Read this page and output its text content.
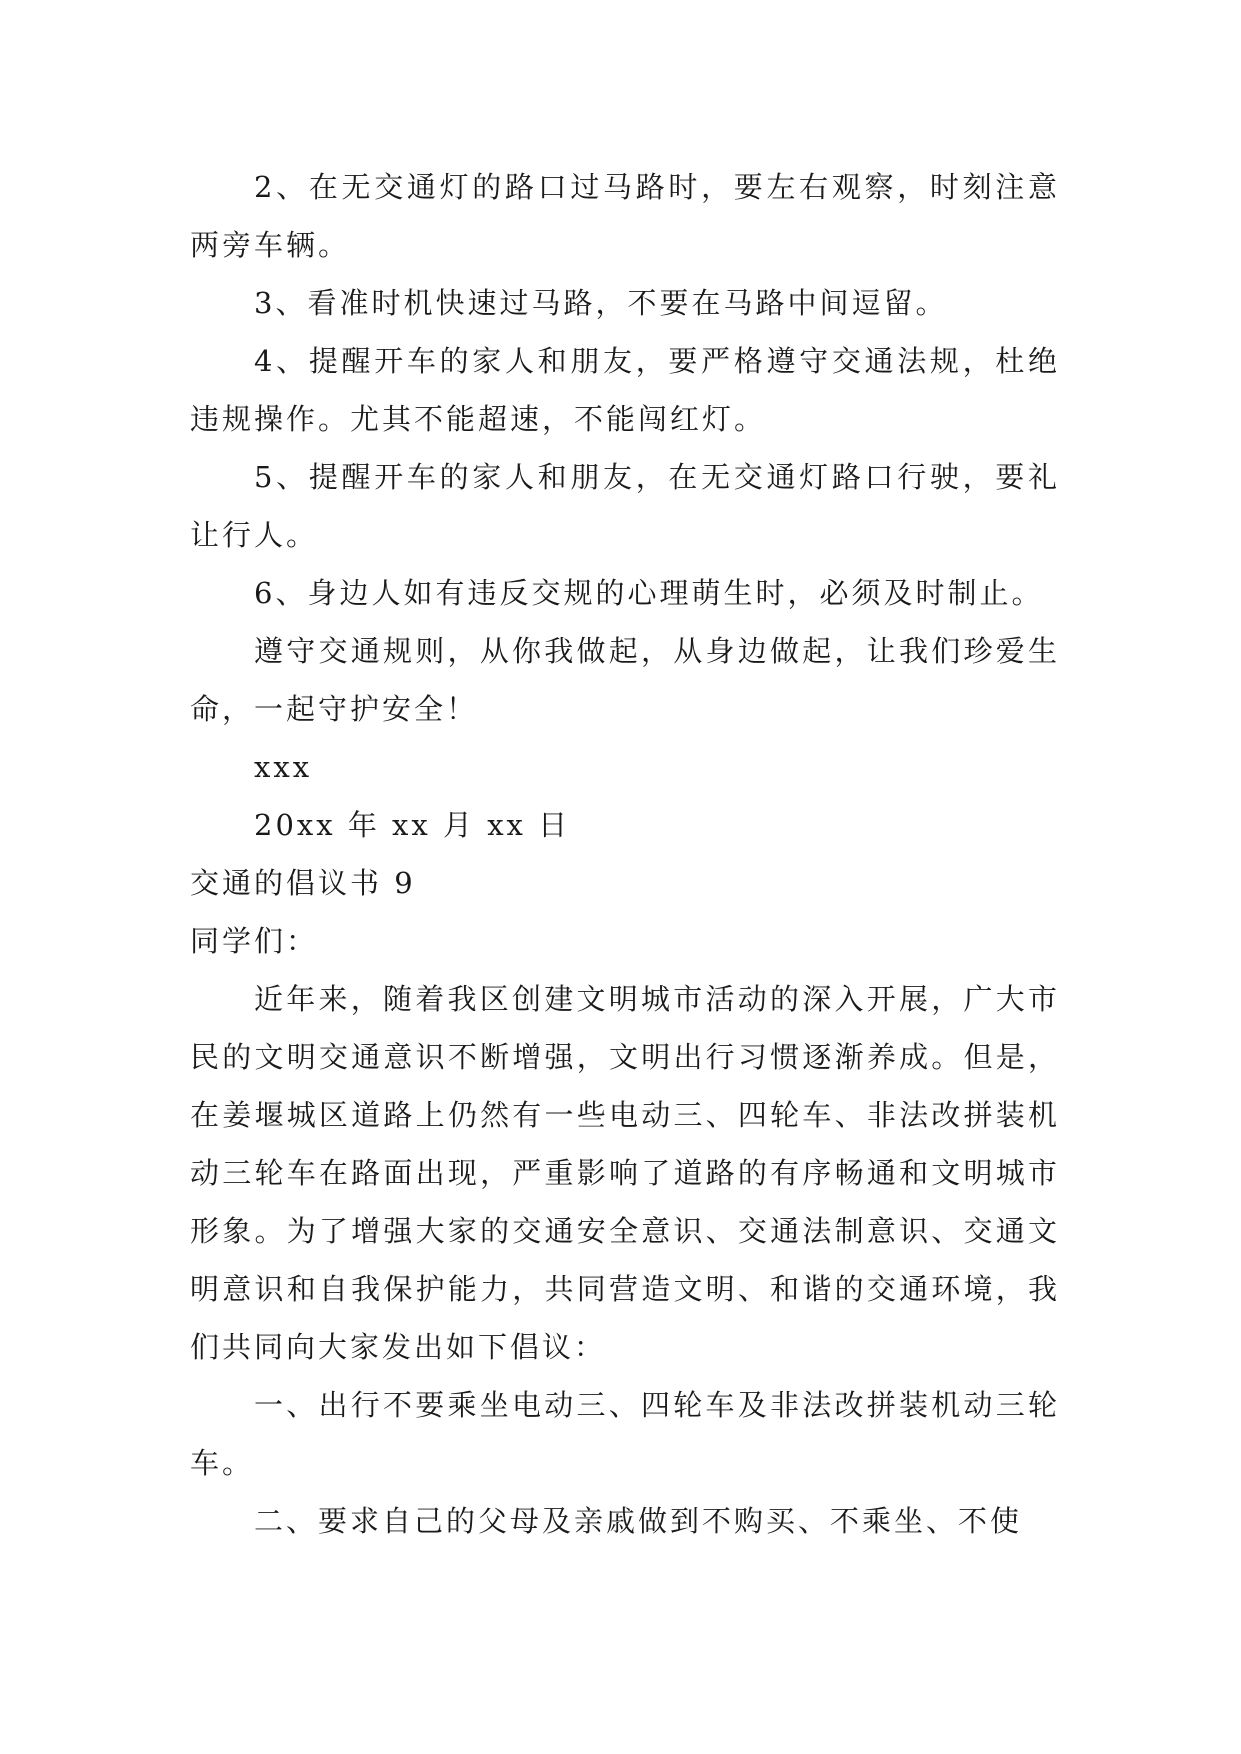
2、在无交通灯的路口过马路时，要左右观察，时刻注意两旁车辆。

3、看准时机快速过马路，不要在马路中间逗留。

4、提醒开车的家人和朋友，要严格遵守交通法规，杜绝违规操作。尤其不能超速，不能闯红灯。

5、提醒开车的家人和朋友，在无交通灯路口行驶，要礼让行人。

6、身边人如有违反交规的心理萌生时，必须及时制止。

遵守交通规则，从你我做起，从身边做起，让我们珍爱生命，一起守护安全！

xxx

20xx 年 xx 月 xx 日

交通的倡议书 9

同学们：

近年来，随着我区创建文明城市活动的深入开展，广大市民的文明交通意识不断增强，文明出行习惯逐渐养成。但是，在姜堰城区道路上仍然有一些电动三、四轮车、非法改拼装机动三轮车在路面出现，严重影响了道路的有序畅通和文明城市形象。为了增强大家的交通安全意识、交通法制意识、交通文明意识和自我保护能力，共同营造文明、和谐的交通环境，我们共同向大家发出如下倡议：

一、出行不要乘坐电动三、四轮车及非法改拼装机动三轮车。

二、要求自己的父母及亲戚做到不购买、不乘坐、不使
